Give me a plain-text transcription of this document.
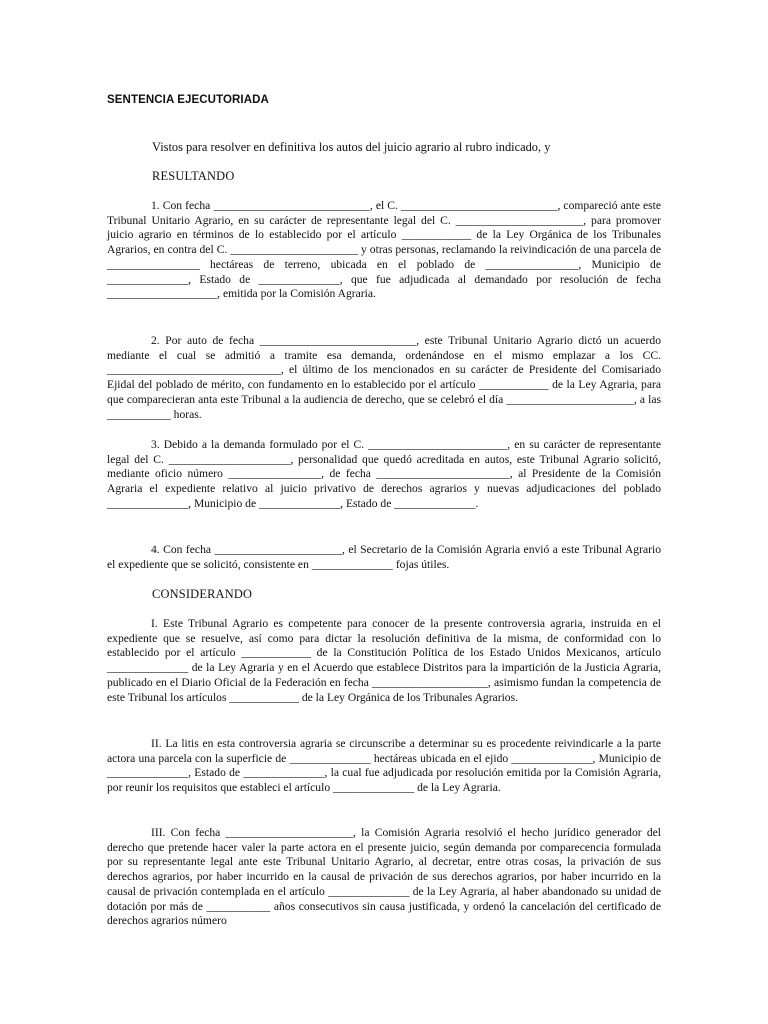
SENTENCIA EJECUTORIADA
Vistos para resolver en definitiva los autos del juicio agrario al rubro indicado, y
RESULTANDO

1. Con fecha ___________________________, el C. ___________________________, compareció ante este Tribunal Unitario Agrario, en su carácter de representante legal del C. ______________________, para promover juicio agrario en términos de lo establecido por el artículo ____________ de la Ley Orgánica de los Tribunales Agrarios, en contra del C. ______________________ y otras personas, reclamando la reivindicación de una parcela de ________________ hectáreas de terreno, ubicada en el poblado de ________________, Municipio de ______________, Estado de ______________, que fue adjudicada al demandado por resolución de fecha ___________________, emitida por la Comisión Agraria.

2. Por auto de fecha ___________________________, este Tribunal Unitario Agrario dictó un acuerdo mediante el cual se admitió a tramite esa demanda, ordenándose en el mismo emplazar a los CC. ______________________________, el último de los mencionados en su carácter de Presidente del Comisariado Ejidal del poblado de mérito, con fundamento en lo establecido por el artículo ____________ de la Ley Agraria, para que comparecieran anta este Tribunal a la audiencia de derecho, que se celebró el día ______________________, a las ___________ horas.

3. Debido a la demanda formulado por el C. ________________________, en su carácter de representante legal del C. _____________________, personalidad que quedó acreditada en autos, este Tribunal Agrario solicitó, mediante oficio número ________________, de fecha _______________________, al Presidente de la Comisión Agraria el expediente relativo al juicio privativo de derechos agrarios y nuevas adjudicaciones del poblado ______________, Municipio de ______________, Estado de ______________.

4. Con fecha ______________________, el Secretario de la Comisión Agraria envió a este Tribunal Agrario el expediente que se solicitó, consistente en ______________ fojas útiles.

CONSIDERANDO

I. Este Tribunal Agrario es competente para conocer de la presente controversia agraria, instruida en el expediente que se resuelve, así como para dictar la resolución definitiva de la misma, de conformidad con lo establecido por el artículo ____________ de la Constitución Política de los Estado Unidos Mexicanos, artículo ______________ de la Ley Agraria y en el Acuerdo que establece Distritos para la impartición de la Justicia Agraria, publicado en el Diario Oficial de la Federación en fecha ____________________, asimismo fundan la competencia de este Tribunal los artículos ____________ de la Ley Orgánica de los Tribunales Agrarios.

II. La litis en esta controversia agraria se circunscribe a determinar su es procedente reivindicarle a la parte actora una parcela con la superficie de ______________ hectáreas ubicada en el ejido ______________, Municipio de ______________, Estado de ______________, la cual fue adjudicada por resolución emitida por la Comisión Agraria, por reunir los requisitos que estableci el artículo ______________ de la Ley Agraria.

III. Con fecha ______________________, la Comisión Agraria resolvió el hecho jurídico generador del derecho que pretende hacer valer la parte actora en el presente juicio, según demanda por comparecencia formulada por su representante legal ante este Tribunal Unitario Agrario, al decretar, entre otras cosas, la privación de sus derechos agrarios, por haber incurrido en la causal de privación de sus derechos agrarios, por haber incurrido en la causal de privación contemplada en el artículo ______________ de la Ley Agraria, al haber abandonado su unidad de dotación por más de ___________ años consecutivos sin causa justificada, y ordenó la cancelación del certificado de derechos agrarios número
